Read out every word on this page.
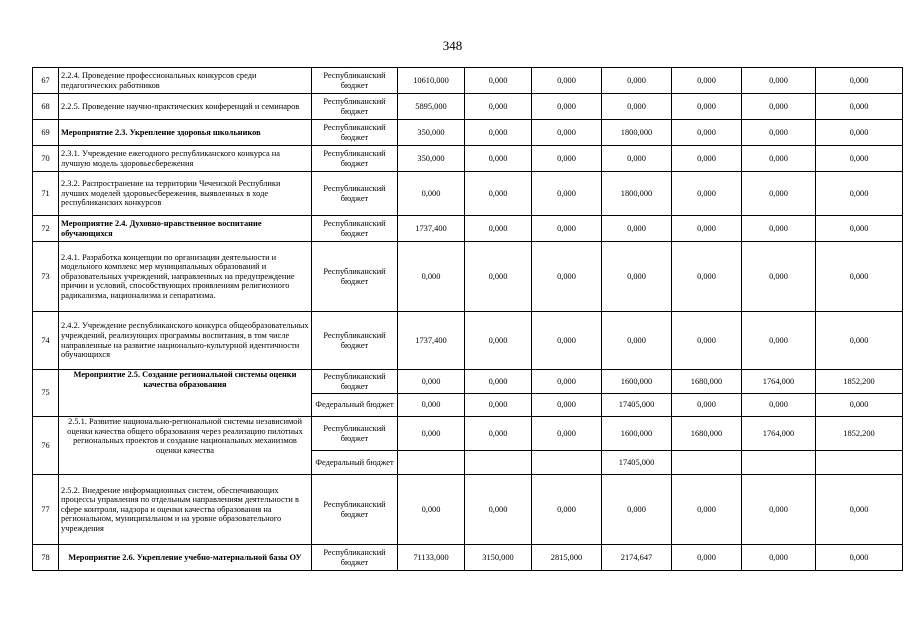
348
67	2.2.4. Проведение профессиональных конкурсов среди педагогических работников	Республиканский бюджет	10610,000	0,000	0,000	0,000	0,000	0,000	0,000
68	2.2.5. Проведение научно-практических конференций и семинаров	Республиканский бюджет	5895,000	0,000	0,000	0,000	0,000	0,000	0,000
69	Мероприятие 2.3. Укрепление здоровья школьников	Республиканский бюджет	350,000	0,000	0,000	1800,000	0,000	0,000	0,000
70	2.3.1. Учреждение ежегодного республиканского конкурса на лучшую модель здоровьесбережения	Республиканский бюджет	350,000	0,000	0,000	0,000	0,000	0,000	0,000
71	2.3.2. Распространение на территории Чеченской Республики лучших моделей здоровьесбережения, выявленных в ходе республиканских конкурсов	Республиканский бюджет	0,000	0,000	0,000	1800,000	0,000	0,000	0,000
72	Мероприятие 2.4. Духовно-нравственное воспитание обучающихся	Республиканский бюджет	1737,400	0,000	0,000	0,000	0,000	0,000	0,000
73	2.4.1. Разработка концепции по организации деятельности и модельного комплекс мер муниципальных образований и образовательных учреждений, направленных на предупреждение причин и условий, способствующих проявлениям религиозного радикализма, национализма и сепаратизма.	Республиканский бюджет	0,000	0,000	0,000	0,000	0,000	0,000	0,000
74	2.4.2. Учреждение республиканского конкурса общеобразовательных учреждений, реализующих программы воспитания, в том числе направленные на развитие национально-культурной идентичности обучающихся	Республиканский бюджет	1737,400	0,000	0,000	0,000	0,000	0,000	0,000
75	Мероприятие 2.5. Создание региональной системы оценки качества образования	Республиканский бюджет	0,000	0,000	0,000	1600,000	1680,000	1764,000	1852,200
		Федеральный бюджет	0,000	0,000	0,000	17405,000	0,000	0,000	0,000
76	2.5.1. Развитие национально-региональной системы независимой оценки качества общего образования через реализацию пилотных региональных проектов и создание национальных механизмов оценки качества	Республиканский бюджет	0,000	0,000	0,000	1600,000	1680,000	1764,000	1852,200
		Федеральный бюджет				17405,000			
77	2.5.2. Внедрение информационных систем, обеспечивающих процессы управления по отдельным направлениям деятельности в сфере контроля, надзора и оценки качества образования на региональном, муниципальном и на уровне образовательного учреждения	Республиканский бюджет	0,000	0,000	0,000	0,000	0,000	0,000	0,000
78	Мероприятие 2.6. Укрепление учебно-материальной базы ОУ	Республиканский бюджет	71133,000	3150,000	2815,000	2174,647	0,000	0,000	0,000
